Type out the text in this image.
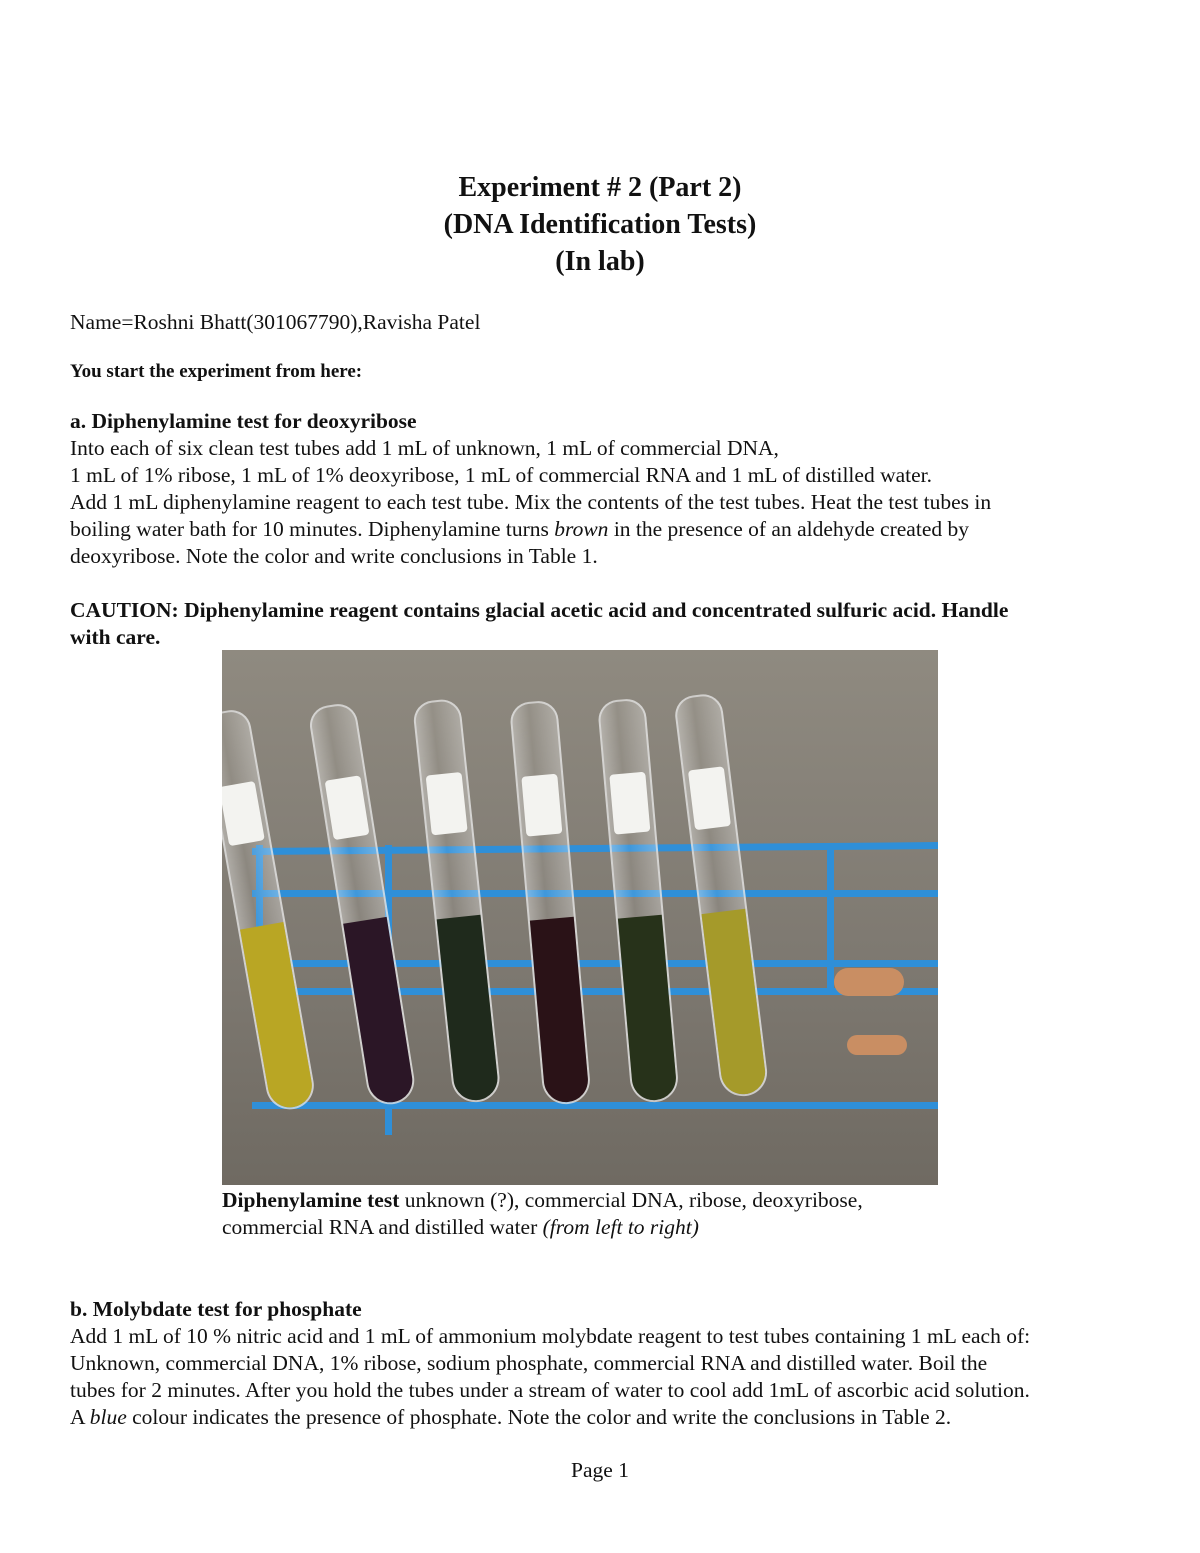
Experiment # 2 (Part 2)
(DNA Identification Tests)
(In lab)
Name=Roshni Bhatt(301067790),Ravisha Patel
You start the experiment from here:
a. Diphenylamine test for deoxyribose
Into each of six clean test tubes add 1 mL of unknown, 1 mL of commercial DNA,
1 mL of 1% ribose, 1 mL of 1% deoxyribose, 1 mL of commercial RNA and 1 mL of distilled water.
Add 1 mL diphenylamine reagent to each test tube. Mix the contents of the test tubes. Heat the test tubes in
boiling water bath for 10 minutes. Diphenylamine turns brown in the presence of an aldehyde created by
deoxyribose. Note the color and write conclusions in Table 1.
CAUTION: Diphenylamine reagent contains glacial acetic acid and concentrated sulfuric acid. Handle
with care.
Diphenylamine test unknown (?), commercial DNA, ribose, deoxyribose,
commercial RNA and distilled water (from left to right)
b. Molybdate test for phosphate
Add 1 mL of 10 % nitric acid and 1 mL of ammonium molybdate reagent to test tubes containing 1 mL each of:
Unknown, commercial DNA, 1% ribose, sodium phosphate, commercial RNA and distilled water. Boil the
tubes for 2 minutes. After you hold the tubes under a stream of water to cool add 1mL of ascorbic acid solution.
A blue colour indicates the presence of phosphate. Note the color and write the conclusions in Table 2.
Page 1
